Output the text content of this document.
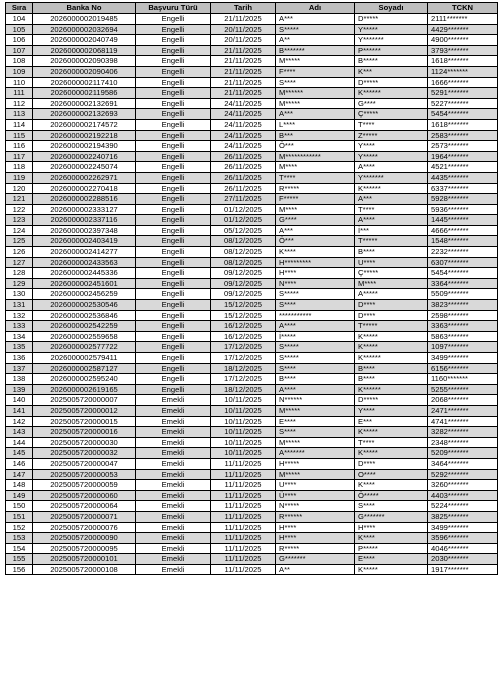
Sıra	Banka No	Başvuru Türü	Tarih	Adı	Soyadı	TCKN
104	2026000002019485	Engelli	21/11/2025	A***	D*****	2111*******
105	2026000002032694	Engelli	20/11/2025	S*****	Y*****	4429*******
106	2026000002040749	Engelli	20/11/2025	A**	Y*******	4900*******
107	2026000002068119	Engelli	21/11/2025	B*******	P******	3793*******
108	2026000002090398	Engelli	21/11/2025	M*****	B*****	1618*******
109	2026000002090406	Engelli	21/11/2025	F****	K***	1124*******
110	2026000002117410	Engelli	21/11/2025	S****	D*****	1666*******
111	2026000002119586	Engelli	21/11/2025	M******	K******	5291*******
112	2026000002132691	Engelli	24/11/2025	M*****	G****	5227*******
113	2026000002132693	Engelli	24/11/2025	A***	Ç*****	5454*******
114	2026000002174572	Engelli	24/11/2025	L****	T****	1618*******
115	2026000002192218	Engelli	24/11/2025	B***	Z*****	2583*******
116	2026000002194390	Engelli	24/11/2025	Ö***	Y****	2573*******
117	2026000002240716	Engelli	26/11/2025	M************	Y*****	1964*******
118	2026000002245074	Engelli	26/11/2025	M****	A****	4521*******
119	2026000002262971	Engelli	26/11/2025	T****	Y*******	4435*******
120	2026000002270418	Engelli	26/11/2025	R*****	K******	6337*******
121	2026000002288516	Engelli	27/11/2025	F*****	A***	5928*******
122	2026000002333127	Engelli	01/12/2025	M****	T****	5936*******
123	2026000002337116	Engelli	01/12/2025	G****	A****	1445*******
124	2026000002397348	Engelli	05/12/2025	A***	İ***	4666*******
125	2026000002403419	Engelli	08/12/2025	Ö***	T*****	1548*******
126	2026000002414277	Engelli	08/12/2025	K****	B****	2232*******
127	2026000002433563	Engelli	08/12/2025	H*********	U****	6307*******
128	2026000002445336	Engelli	09/12/2025	H****	Ç*****	5454*******
129	2026000002451601	Engelli	09/12/2025	N****	M****	3364*******
130	2026000002456259	Engelli	09/12/2025	S*****	A*****	5509*******
131	2026000002530546	Engelli	15/12/2025	S****	D****	3823*******
132	2026000002536846	Engelli	15/12/2025	***********	D****	2598*******
133	2026000002542259	Engelli	16/12/2025	A****	T*****	3363*******
134	2026000002559658	Engelli	16/12/2025	İ*****	K*****	5863*******
135	2026000002577722	Engelli	17/12/2025	S*****	K*****	1097*******
136	2026000002579411	Engelli	17/12/2025	S*****	K******	3499*******
137	2026000002587127	Engelli	18/12/2025	S****	B****	6156*******
138	2026000002595240	Engelli	17/12/2025	B****	B****	1160*******
139	2026000002619165	Engelli	18/12/2025	A****	K******	5255*******
140	2025005720000007	Emekli	10/11/2025	N******	D*****	2068*******
141	2025005720000012	Emekli	10/11/2025	M*****	Y****	2471*******
142	2025005720000015	Emekli	10/11/2025	E****	E***	4741*******
143	2025005720000016	Emekli	10/11/2025	S****	K*****	3282*******
144	2025005720000030	Emekli	10/11/2025	M*****	T****	2348*******
145	2025005720000032	Emekli	10/11/2025	A*******	K*****	5209*******
146	2025005720000047	Emekli	11/11/2025	H*****	D****	3464*******
147	2025005720000053	Emekli	11/11/2025	M*****	O****	5292*******
148	2025005720000059	Emekli	11/11/2025	U****	K****	3260*******
149	2025005720000060	Emekli	11/11/2025	Ü****	Ö*****	4403*******
150	2025005720000064	Emekli	11/11/2025	N*****	S****	5224*******
151	2025005720000071	Emekli	11/11/2025	R******	G*******	3825*******
152	2025005720000076	Emekli	11/11/2025	H****	H****	3499*******
153	2025005720000090	Emekli	11/11/2025	H****	K****	3596*******
154	2025005720000095	Emekli	11/11/2025	R*****	P*****	4046*******
155	2025005720000101	Emekli	11/11/2025	G*******	E****	2030*******
156	2025005720000108	Emekli	11/11/2025	A**	K*****	1917*******
